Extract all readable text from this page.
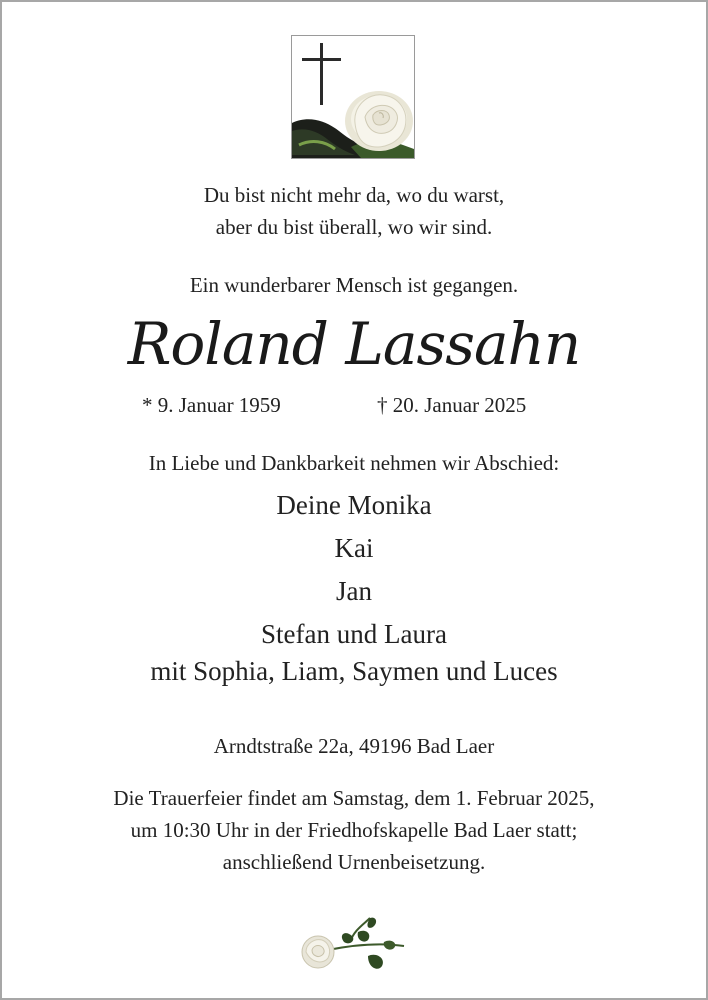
Du bist nicht mehr da, wo du warst,
aber du bist überall, wo wir sind.
Ein wunderbarer Mensch ist gegangen.
Roland Lassahn
* 9. Januar 1959	† 20. Januar 2025
In Liebe und Dankbarkeit nehmen wir Abschied:
Deine Monika
Kai
Jan
Stefan und Laura
mit Sophia, Liam, Saymen und Luces
Arndtstraße 22a, 49196 Bad Laer
Die Trauerfeier findet am Samstag, dem 1. Februar 2025,
um 10:30 Uhr in der Friedhofskapelle Bad Laer statt;
anschließend Urnenbeisetzung.
